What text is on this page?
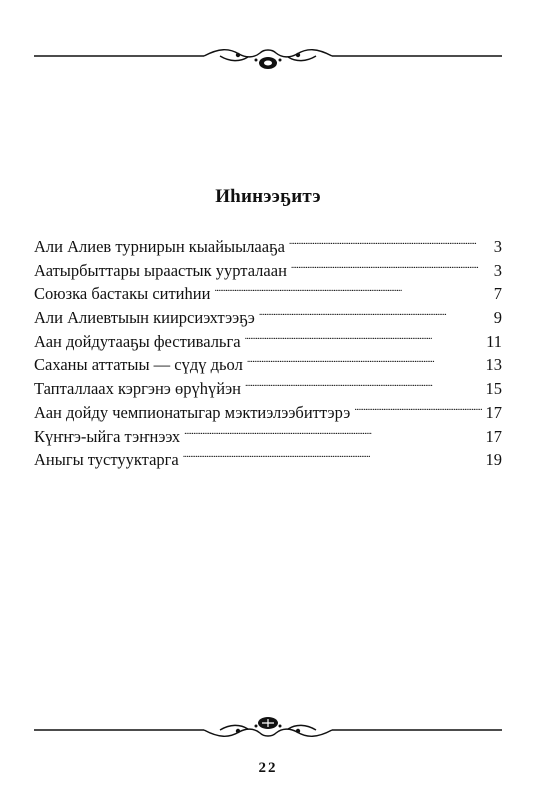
Иһинээҕитэ
Али Алиев турнирын кыайыылааҕа . . .	3
Аатырбыттары ыраастык уурталаан . . .	3
Союзка бастакы ситиһии . . .	7
Али Алиевтыын киирсиэхтээҕэ . . .	9
Аан дойдутааҕы фестивальга . . .	11
Саханы аттатыы — сүдү дьол . . .	13
Тапталлаах кэргэнэ өрүһүйэн . . .	15
Аан дойду чемпионатыгар мэктиэлээбиттэрэ . . .	17
Күҥҥэ-ыйга тэҥнээх . . .	17
Аныгы тустууктарга . . .	19
22
